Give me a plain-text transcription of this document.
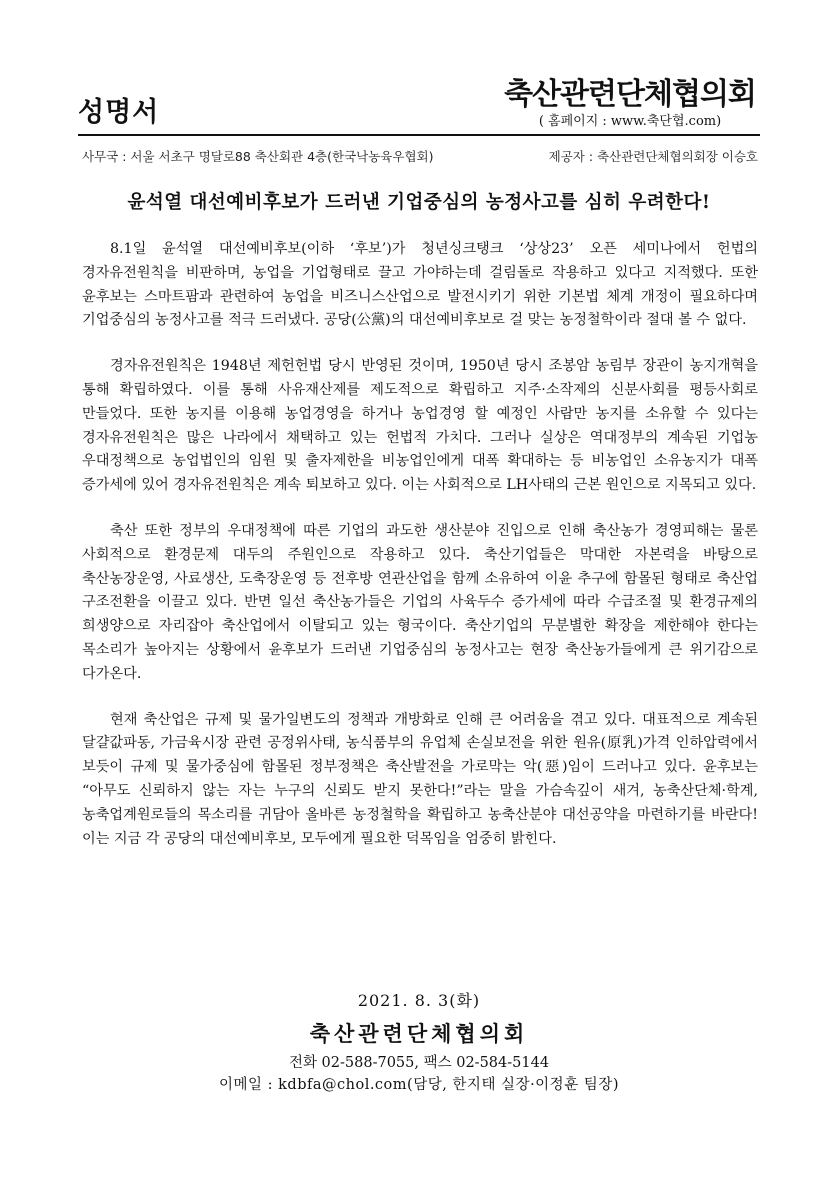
성명서
축산관련단체협의회
( 홈페이지 : www.축단협.com)
사무국 : 서울 서초구 명달로88 축산회관 4층(한국낙농육우협회)	제공자 : 축산관련단체협의회장 이승호
윤석열 대선예비후보가 드러낸 기업중심의 농정사고를 심히 우려한다!

8.1일 윤석열 대선예비후보(이하 ‘후보’)가 청년싱크탱크 ‘상상23’ 오픈 세미나에서 헌법의 경자유전원칙을 비판하며, 농업을 기업형태로 끌고 가야하는데 걸림돌로 작용하고 있다고 지적했다. 또한 윤후보는 스마트팜과 관련하여 농업을 비즈니스산업으로 발전시키기 위한 기본법 체계 개정이 필요하다며 기업중심의 농정사고를 적극 드러냈다. 공당(公黨)의 대선예비후보로 걸 맞는 농정철학이라 절대 볼 수 없다.

경자유전원칙은 1948년 제헌헌법 당시 반영된 것이며, 1950년 당시 조봉암 농림부 장관이 농지개혁을 통해 확립하였다. 이를 통해 사유재산제를 제도적으로 확립하고 지주·소작제의 신분사회를 평등사회로 만들었다. 또한 농지를 이용해 농업경영을 하거나 농업경영 할 예정인 사람만 농지를 소유할 수 있다는 경자유전원칙은 많은 나라에서 채택하고 있는 헌법적 가치다. 그러나 실상은 역대정부의 계속된 기업농 우대정책으로 농업법인의 임원 및 출자제한을 비농업인에게 대폭 확대하는 등 비농업인 소유농지가 대폭 증가세에 있어 경자유전원칙은 계속 퇴보하고 있다. 이는 사회적으로 LH사태의 근본 원인으로 지목되고 있다.

축산 또한 정부의 우대정책에 따른 기업의 과도한 생산분야 진입으로 인해 축산농가 경영피해는 물론 사회적으로 환경문제 대두의 주원인으로 작용하고 있다. 축산기업들은 막대한 자본력을 바탕으로 축산농장운영, 사료생산, 도축장운영 등 전후방 연관산업을 함께 소유하여 이윤 추구에 함몰된 형태로 축산업 구조전환을 이끌고 있다. 반면 일선 축산농가들은 기업의 사육두수 증가세에 따라 수급조절 및 환경규제의 희생양으로 자리잡아 축산업에서 이탈되고 있는 형국이다. 축산기업의 무분별한 확장을 제한해야 한다는 목소리가 높아지는 상황에서 윤후보가 드러낸 기업중심의 농정사고는 현장 축산농가들에게 큰 위기감으로 다가온다.

현재 축산업은 규제 및 물가일변도의 정책과 개방화로 인해 큰 어려움을 겪고 있다. 대표적으로 계속된 달걀값파동, 가금육시장 관련 공정위사태, 농식품부의 유업체 손실보전을 위한 원유(原乳)가격 인하압력에서 보듯이 규제 및 물가중심에 함몰된 정부정책은 축산발전을 가로막는 악(惡)임이 드러나고 있다. 윤후보는 “아무도 신뢰하지 않는 자는 누구의 신뢰도 받지 못한다!”라는 말을 가슴속깊이 새겨, 농축산단체·학계, 농축업계원로들의 목소리를 귀담아 올바른 농정철학을 확립하고 농축산분야 대선공약을 마련하기를 바란다! 이는 지금 각 공당의 대선예비후보, 모두에게 필요한 덕목임을 엄중히 밝힌다.

2021. 8. 3(화)
축산관련단체협의회
전화 02-588-7055, 팩스 02-584-5144
이메일 : kdbfa@chol.com(담당, 한지태 실장·이정훈 팀장)
